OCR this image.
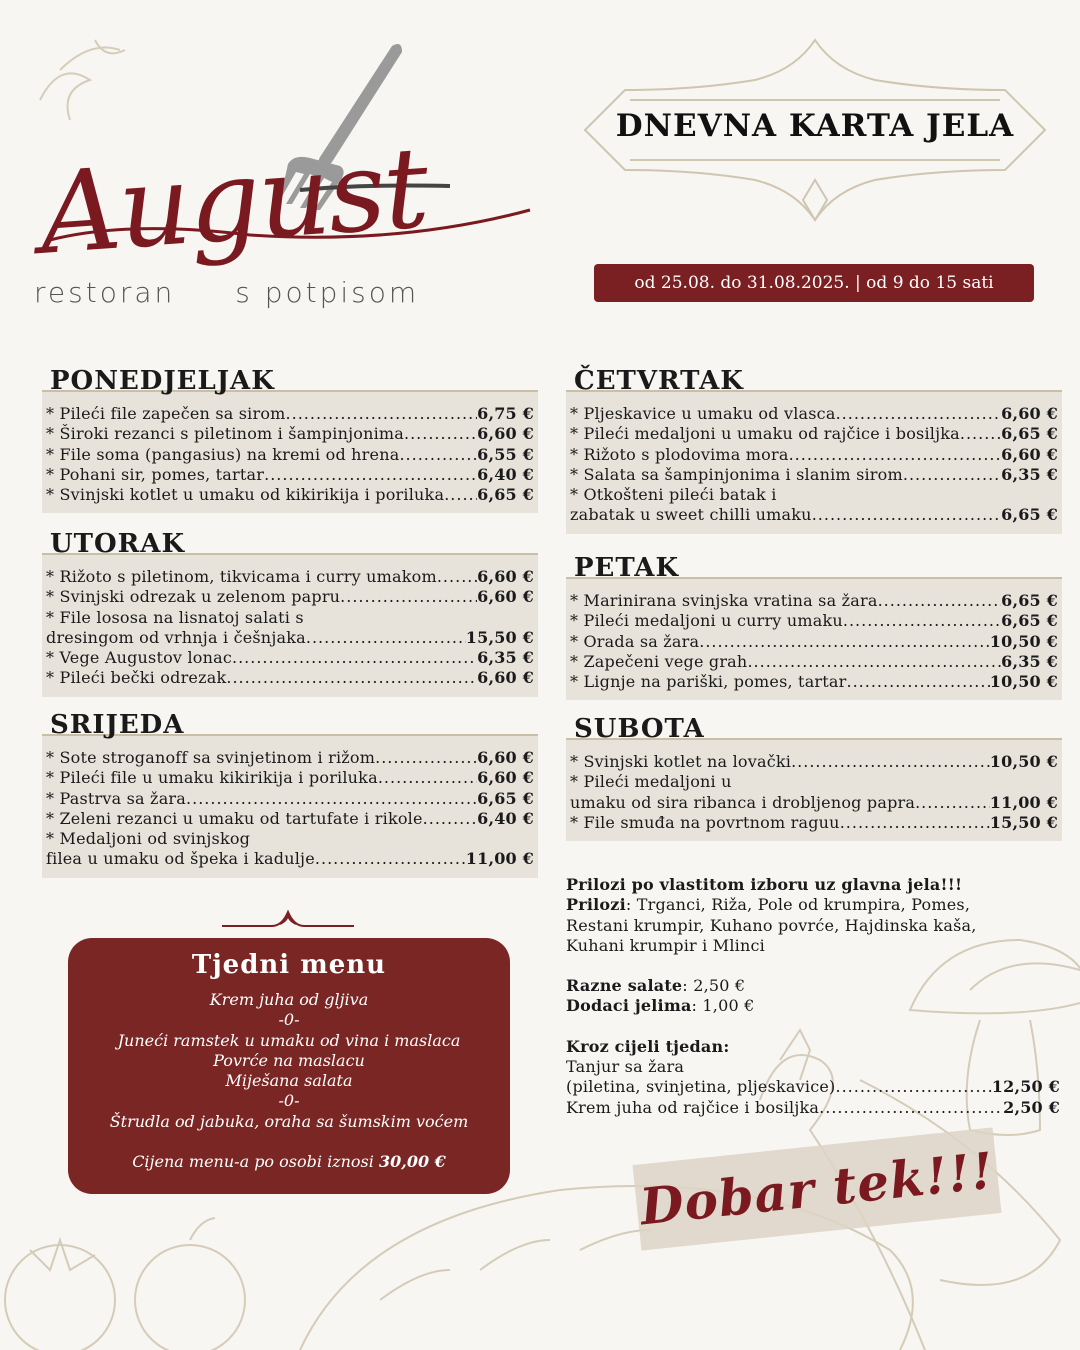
August
restoran s potpisom
DNEVNA KARTA JELA
od 25.08. do 31.08.2025. | od 9 do 15 sati
PONEDJELJAK
* Pileći file zapečen sa sirom .....	6,75 €
* Široki rezanci s piletinom i šampinjonima .....	6,60 €
* File soma (pangasius) na kremi od hrena .....	6,55 €
* Pohani sir, pomes, tartar .....	6,40 €
* Svinjski kotlet u umaku od kikirikija i poriluka ..... 6,65 €
UTORAK
* Rižoto s piletinom, tikvicama i curry umakom .....	6,60 €
* Svinjski odrezak u zelenom papru .....	6,60 €
* File lososa na lisnatoj salati s
dresingom od vrhnja i češnjaka .....	15,50 €
* Vege Augustov lonac .....	6,35 €
* Pileći bečki odrezak .....	6,60 €
SRIJEDA
* Sote stroganoff sa svinjetinom i rižom .....	6,60 €
* Pileći file u umaku kikirikija i poriluka .....	6,60 €
* Pastrva sa žara .....	6,65 €
* Zeleni rezanci u umaku od tartufate i rikole .....	6,40 €
* Medaljoni od svinjskog
filea u umaku od špeka i kadulje .....	11,00 €
ČETVRTAK
* Pljeskavice u umaku od vlasca .....	6,60 €
* Pileći medaljoni u umaku od rajčice i bosiljka .....	6,65 €
* Rižoto s plodovima mora .....	6,60 €
* Salata sa šampinjonima i slanim sirom .....	6,35 €
* Otkošteni pileći batak i
zabatak u sweet chilli umaku .....	6,65 €
PETAK
* Marinirana svinjska vratina sa žara .....	6,65 €
* Pileći medaljoni u curry umaku .....	6,65 €
* Orada sa žara .....	10,50 €
* Zapečeni vege grah .....	6,35 €
* Lignje na pariški, pomes, tartar .....	10,50 €
SUBOTA
* Svinjski kotlet na lovački .....	10,50 €
* Pileći medaljoni u
umaku od sira ribanca i drobljenog papra .....	11,00 €
* File smuđa na povrtnom raguu .....	15,50 €
Tjedni menu
Krem juha od gljiva
-0-
Juneći ramstek u umaku od vina i maslaca
Povrće na maslacu
Miješana salata
-0-
Štrudla od jabuka, oraha sa šumskim voćem
Cijena menu-a po osobi iznosi 30,00 €
Prilozi po vlastitom izboru uz glavna jela!!!
Prilozi: Trganci, Riža, Pole od krumpira, Pomes,
Restani krumpir, Kuhano povrće, Hajdinska kaša,
Kuhani krumpir i Mlinci
Razne salate: 2,50 €
Dodaci jelima: 1,00 €
Kroz cijeli tjedan:
Tanjur sa žara
(piletina, svinjetina, pljeskavice) .....	12,50 €
Krem juha od rajčice i bosiljka .....	2,50 €
Dobar tek!!!
